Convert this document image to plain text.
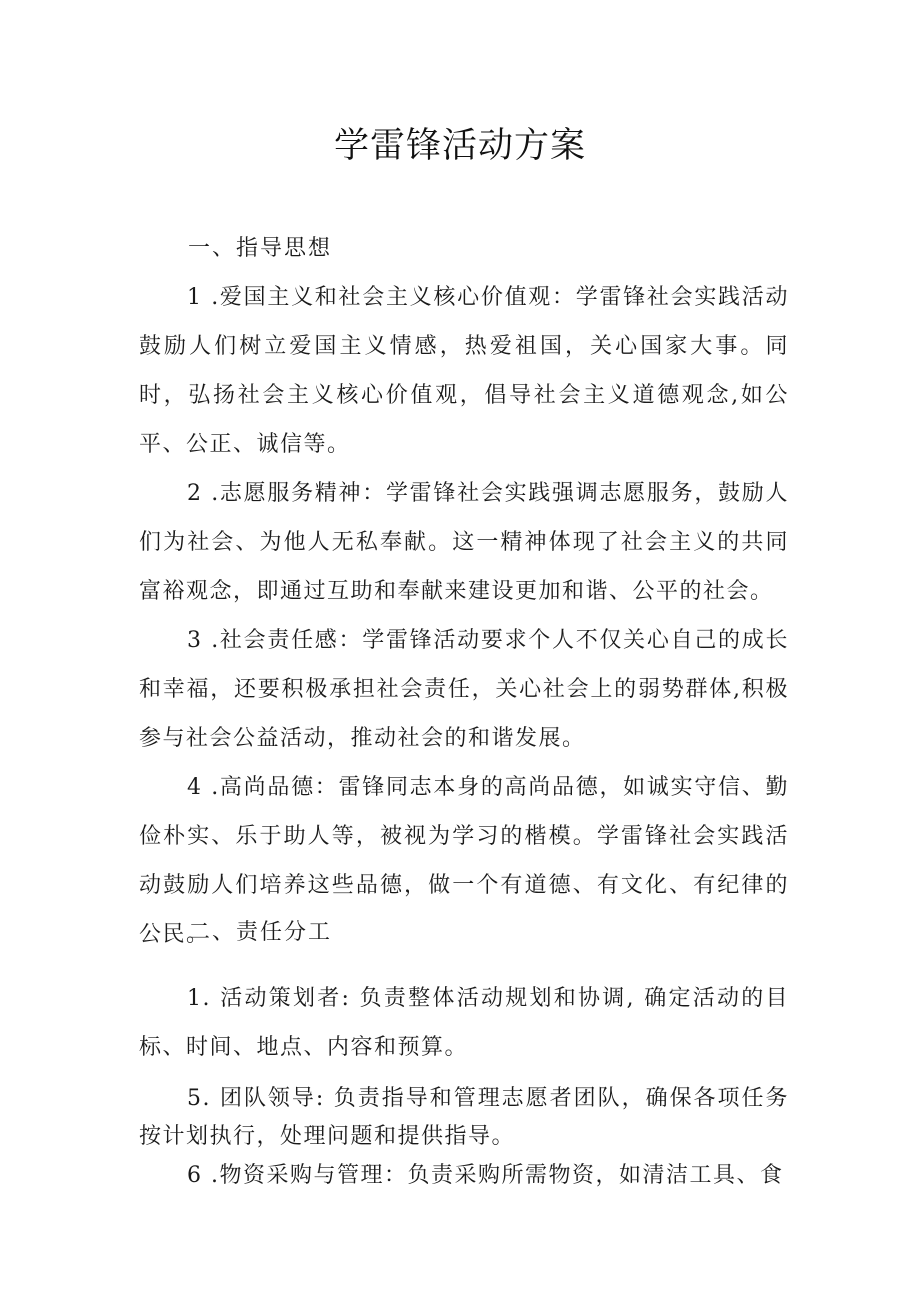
学雷锋活动方案
一、指导思想

1 .爱国主义和社会主义核心价值观：学雷锋社会实践活动鼓励人们树立爱国主义情感，热爱祖国，关心国家大事。同时，弘扬社会主义核心价值观，倡导社会主义道德观念,如公平、公正、诚信等。

2 .志愿服务精神：学雷锋社会实践强调志愿服务，鼓励人们为社会、为他人无私奉献。这一精神体现了社会主义的共同富裕观念，即通过互助和奉献来建设更加和谐、公平的社会。

3 .社会责任感：学雷锋活动要求个人不仅关心自己的成长和幸福，还要积极承担社会责任，关心社会上的弱势群体,积极参与社会公益活动，推动社会的和谐发展。

4 .高尚品德：雷锋同志本身的高尚品德，如诚实守信、勤俭朴实、乐于助人等，被视为学习的楷模。学雷锋社会实践活动鼓励人们培养这些品德，做一个有道德、有文化、有纪律的公民。

二、责任分工

1. 活动策划者: 负责整体活动规划和协调, 确定活动的目标、时间、地点、内容和预算。

5. 团队领导: 负责指导和管理志愿者团队，确保各项任务按计划执行，处理问题和提供指导。

6 .物资采购与管理：负责采购所需物资，如清洁工具、食
